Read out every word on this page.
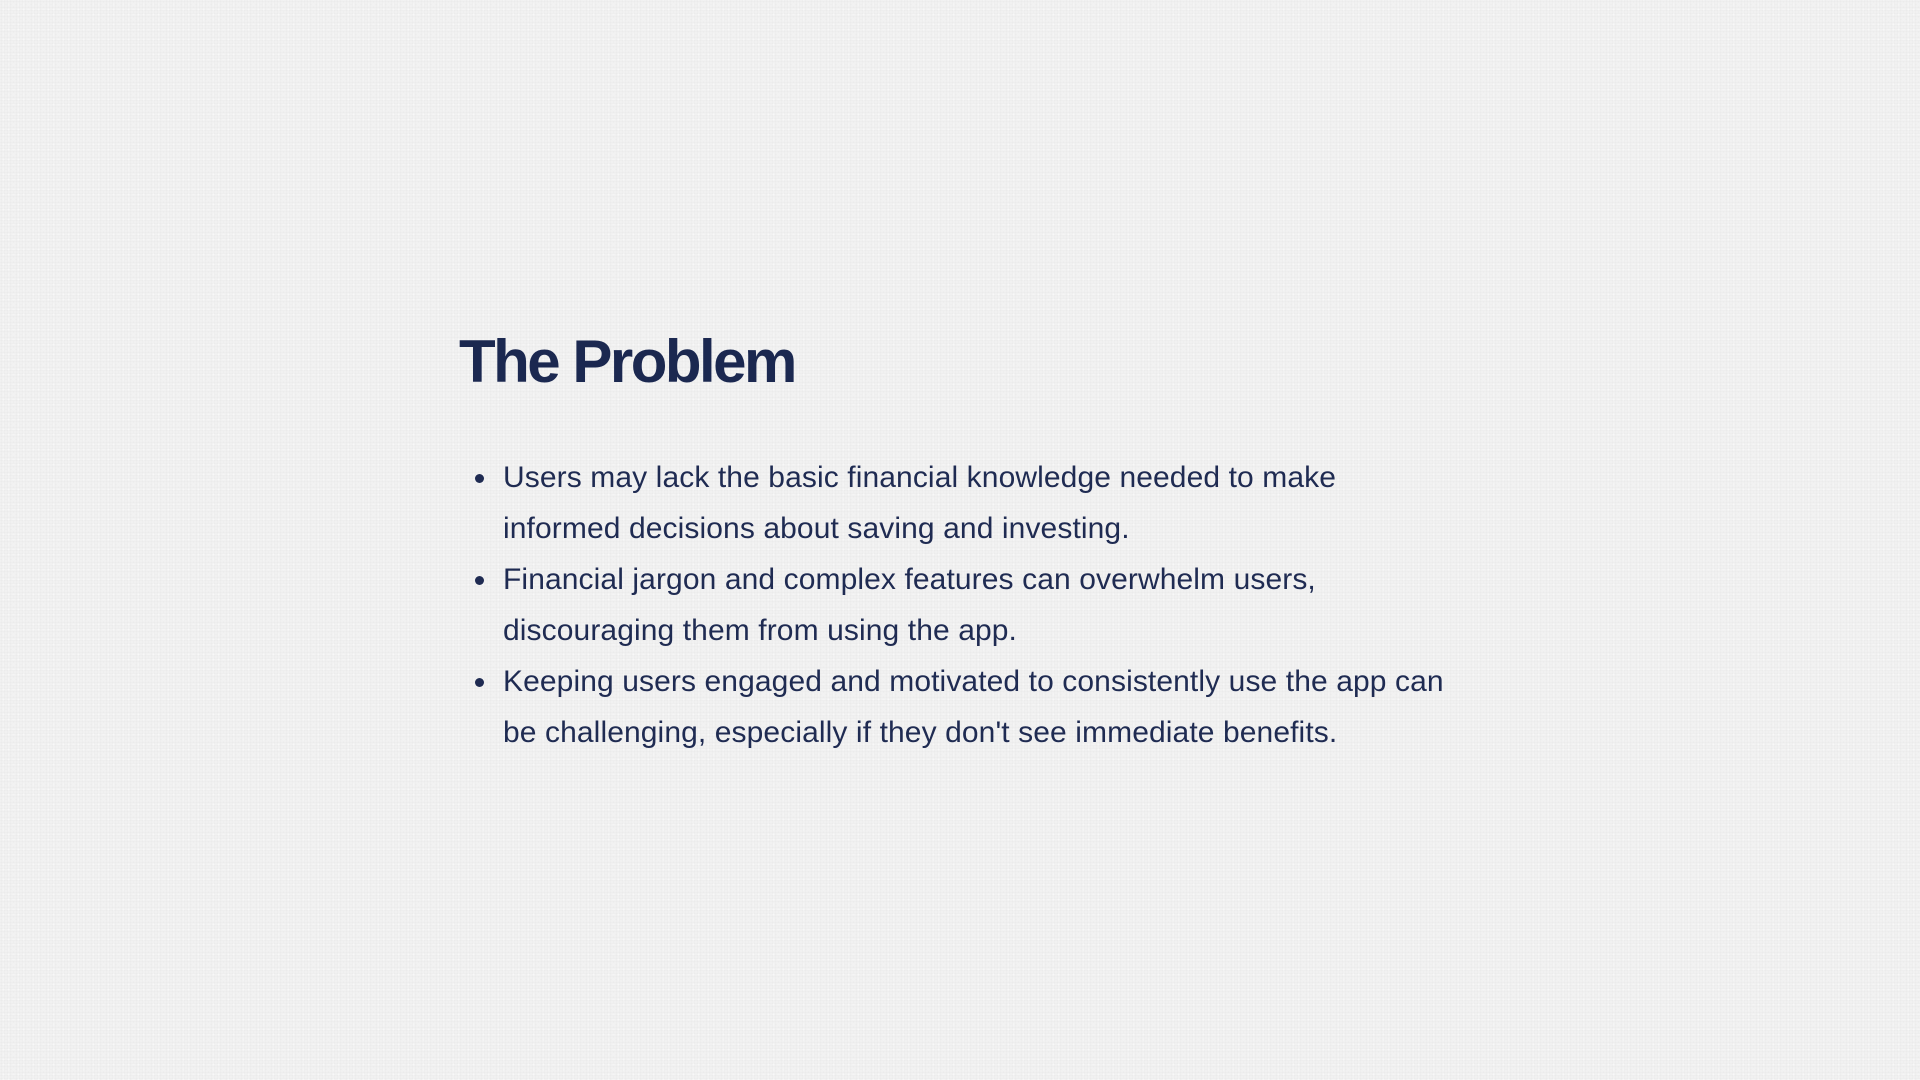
The Problem
Users may lack the basic financial knowledge needed to make informed decisions about saving and investing.
Financial jargon and complex features can overwhelm users, discouraging them from using the app.
Keeping users engaged and motivated to consistently use the app can be challenging, especially if they don't see immediate benefits.
